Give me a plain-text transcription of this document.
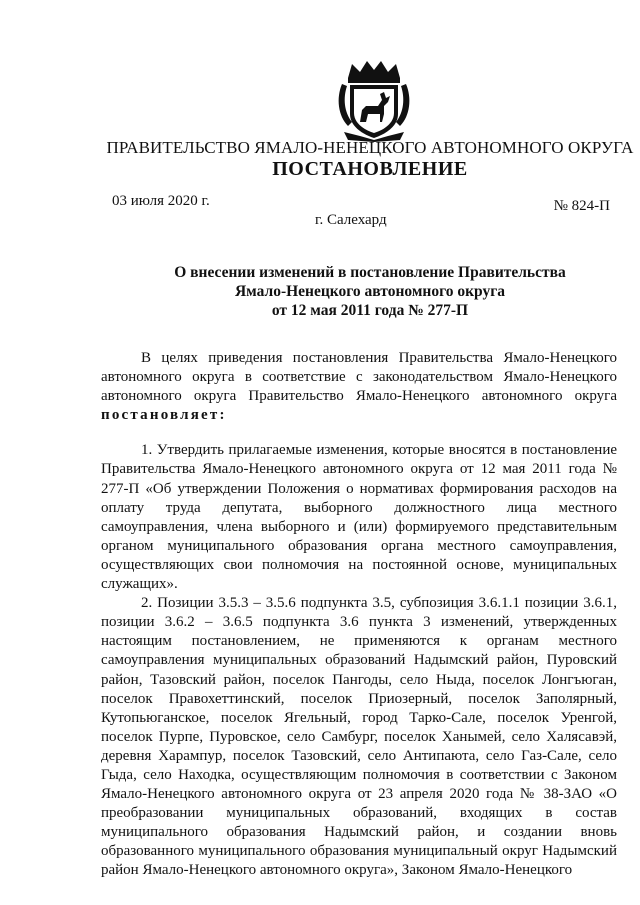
ПРАВИТЕЛЬСТВО ЯМАЛО-НЕНЕЦКОГО АВТОНОМНОГО ОКРУГА
ПОСТАНОВЛЕНИЕ
03 июля 2020 г.	№ 824-П
г. Салехард
О внесении изменений в постановление Правительства
Ямало-Ненецкого автономного округа
от 12 мая 2011 года № 277-П

В целях приведения постановления Правительства Ямало-Ненецкого автономного округа в соответствие с законодательством Ямало-Ненецкого автономного округа Правительство Ямало-Ненецкого автономного округа постановляет:

1. Утвердить прилагаемые изменения, которые вносятся в постановление Правительства Ямало-Ненецкого автономного округа от 12 мая 2011 года № 277-П «Об утверждении Положения о нормативах формирования расходов на оплату труда депутата, выборного должностного лица местного самоуправления, члена выборного и (или) формируемого представительным органом муниципального образования органа местного самоуправления, осуществляющих свои полномочия на постоянной основе, муниципальных служащих».

2. Позиции 3.5.3 – 3.5.6 подпункта 3.5, субпозиция 3.6.1.1 позиции 3.6.1, позиции 3.6.2 – 3.6.5 подпункта 3.6 пункта 3 изменений, утвержденных настоящим постановлением, не применяются к органам местного самоуправления муниципальных образований Надымский район, Пуровский район, Тазовский район, поселок Пангоды, село Ныда, поселок Лонгъюган, поселок Правохеттинский, поселок Приозерный, поселок Заполярный, Кутопьюганское, поселок Ягельный, город Тарко-Сале, поселок Уренгой, поселок Пурпе, Пуровское, село Самбург, поселок Ханымей, село Халясавэй, деревня Харампур, поселок Тазовский, село Антипаюта, село Газ-Сале, село Гыда, село Находка, осуществляющим полномочия в соответствии с Законом Ямало-Ненецкого автономного округа от 23 апреля 2020 года № 38-ЗАО «О преобразовании муниципальных образований, входящих в состав муниципального образования Надымский район, и создании вновь образованного муниципального образования муниципальный округ Надымский район Ямало-Ненецкого автономного округа», Законом Ямало-Ненецкого
